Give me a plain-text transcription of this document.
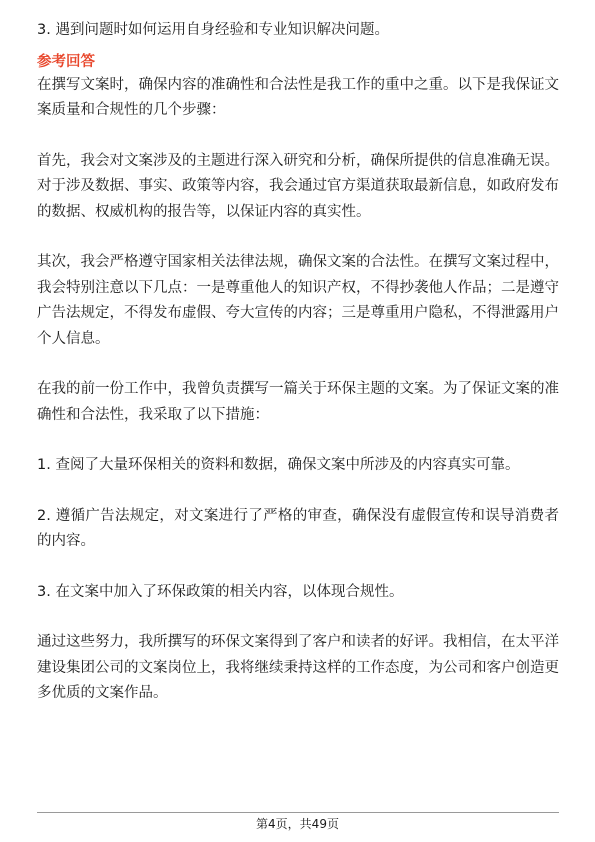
3. 遇到问题时如何运用自身经验和专业知识解决问题。

参考回答

在撰写文案时，确保内容的准确性和合法性是我工作的重中之重。以下是我保证文案质量和合规性的几个步骤：

首先，我会对文案涉及的主题进行深入研究和分析，确保所提供的信息准确无误。对于涉及数据、事实、政策等内容，我会通过官方渠道获取最新信息，如政府发布的数据、权威机构的报告等，以保证内容的真实性。

其次，我会严格遵守国家相关法律法规，确保文案的合法性。在撰写文案过程中，我会特别注意以下几点：一是尊重他人的知识产权，不得抄袭他人作品；二是遵守广告法规定，不得发布虚假、夸大宣传的内容；三是尊重用户隐私，不得泄露用户个人信息。

在我的前一份工作中，我曾负责撰写一篇关于环保主题的文案。为了保证文案的准确性和合法性，我采取了以下措施：

1. 查阅了大量环保相关的资料和数据，确保文案中所涉及的内容真实可靠。

2. 遵循广告法规定，对文案进行了严格的审查，确保没有虚假宣传和误导消费者的内容。

3. 在文案中加入了环保政策的相关内容，以体现合规性。

通过这些努力，我所撰写的环保文案得到了客户和读者的好评。我相信，在太平洋建设集团公司的文案岗位上，我将继续秉持这样的工作态度，为公司和客户创造更多优质的文案作品。

第4页，共49页
